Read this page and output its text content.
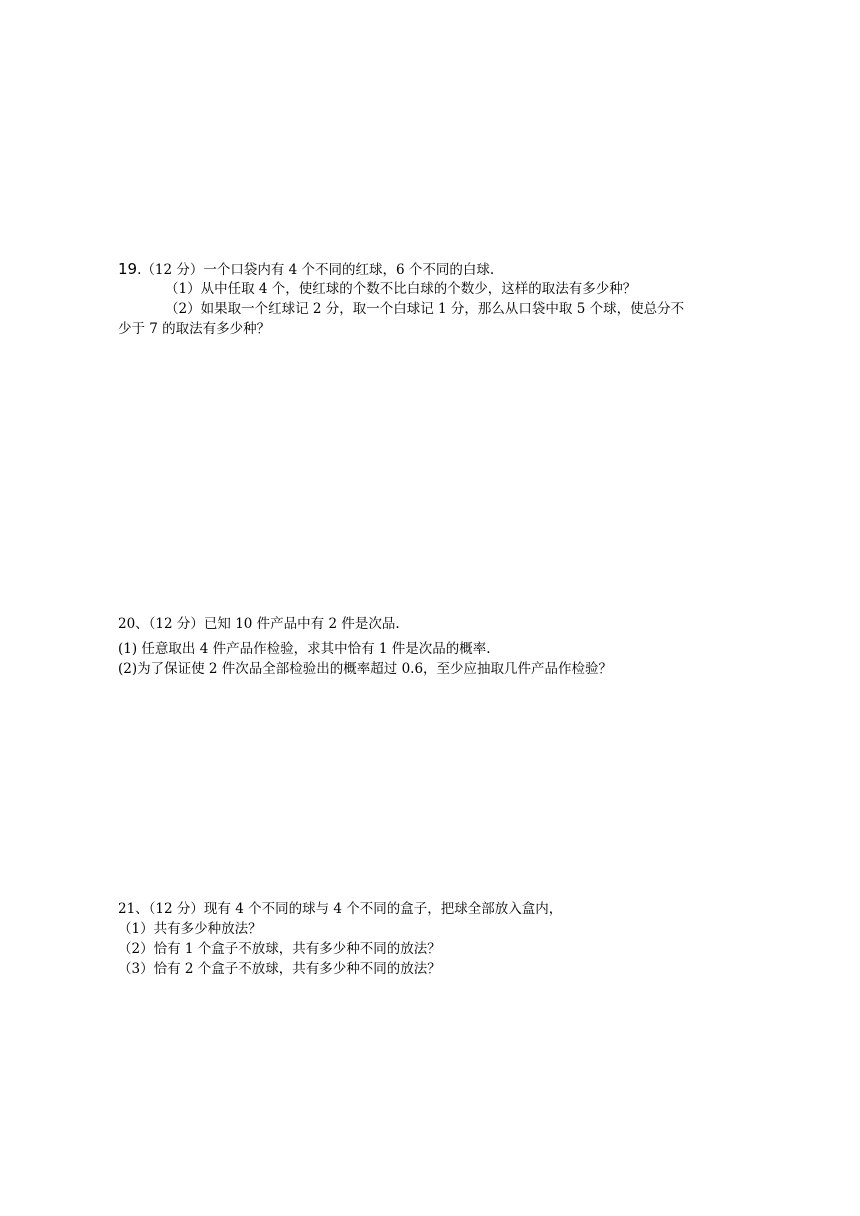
19.（12 分）一个口袋内有 4 个不同的红球，6 个不同的白球.
（1）从中任取 4 个，使红球的个数不比白球的个数少，这样的取法有多少种？
（2）如果取一个红球记 2 分，取一个白球记 1 分，那么从口袋中取 5 个球，使总分不
少于 7 的取法有多少种？
20、（12 分）已知 10 件产品中有 2 件是次品.
(1) 任意取出 4 件产品作检验，求其中恰有 1 件是次品的概率.
(2)为了保证使 2 件次品全部检验出的概率超过 0.6，至少应抽取几件产品作检验？
21、（12 分）现有 4 个不同的球与 4 个不同的盒子，把球全部放入盒内，
（1）共有多少种放法？
（2）恰有 1 个盒子不放球，共有多少种不同的放法？
（3）恰有 2 个盒子不放球，共有多少种不同的放法？
